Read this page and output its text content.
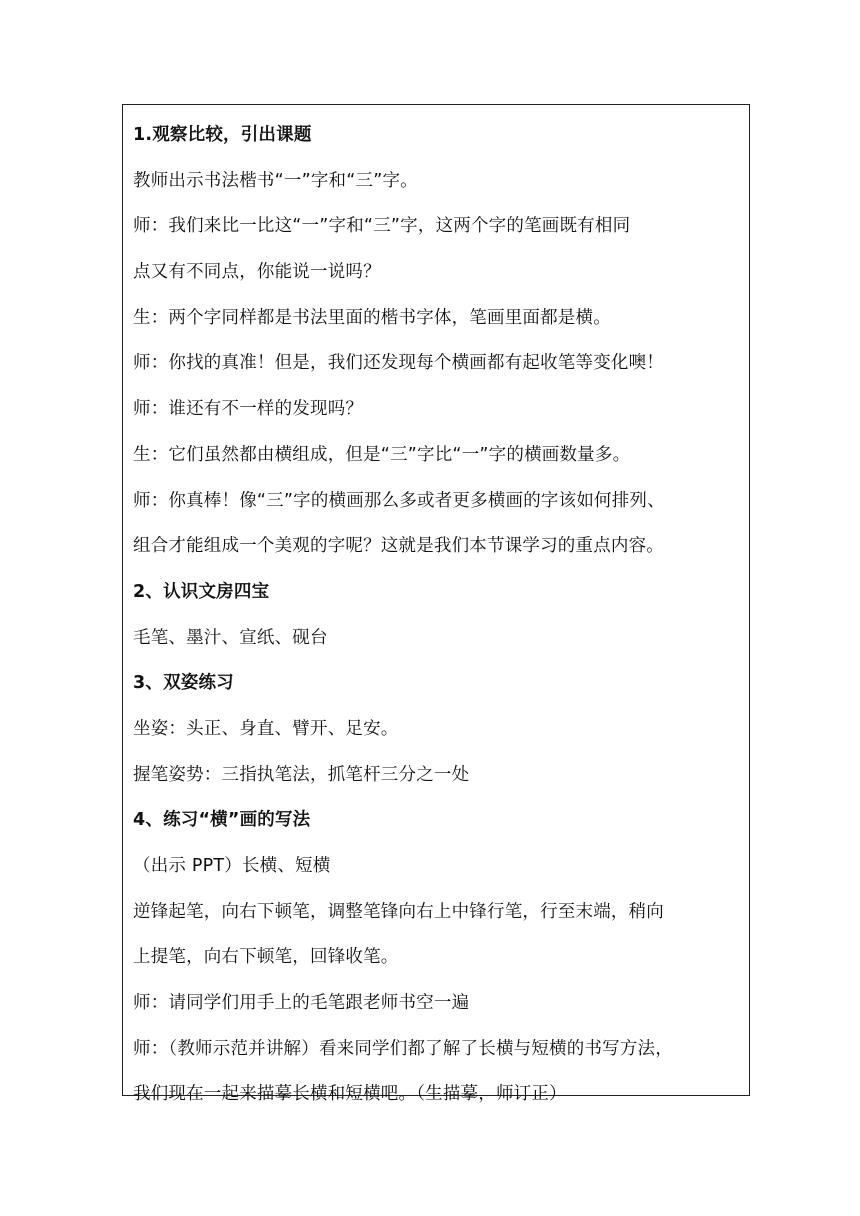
1.观察比较，引出课题
教师出示书法楷书“一”字和“三”字。
师：我们来比一比这“一”字和“三”字，这两个字的笔画既有相同
点又有不同点，你能说一说吗？
生：两个字同样都是书法里面的楷书字体，笔画里面都是横。
师：你找的真准！但是，我们还发现每个横画都有起收笔等变化噢！
师：谁还有不一样的发现吗？
生：它们虽然都由横组成，但是“三”字比“一”字的横画数量多。
师：你真棒！像“三”字的横画那么多或者更多横画的字该如何排列、
组合才能组成一个美观的字呢？这就是我们本节课学习的重点内容。
2、认识文房四宝
毛笔、墨汁、宣纸、砚台
3、双姿练习
坐姿：头正、身直、臂开、足安。
握笔姿势：三指执笔法，抓笔杆三分之一处
4、练习“横”画的写法
（出示 PPT）长横、短横
逆锋起笔，向右下顿笔，调整笔锋向右上中锋行笔，行至末端，稍向
上提笔，向右下顿笔，回锋收笔。
师：请同学们用手上的毛笔跟老师书空一遍
师：（教师示范并讲解）看来同学们都了解了长横与短横的书写方法，
我们现在一起来描摹长横和短横吧。（生描摹，师订正）
